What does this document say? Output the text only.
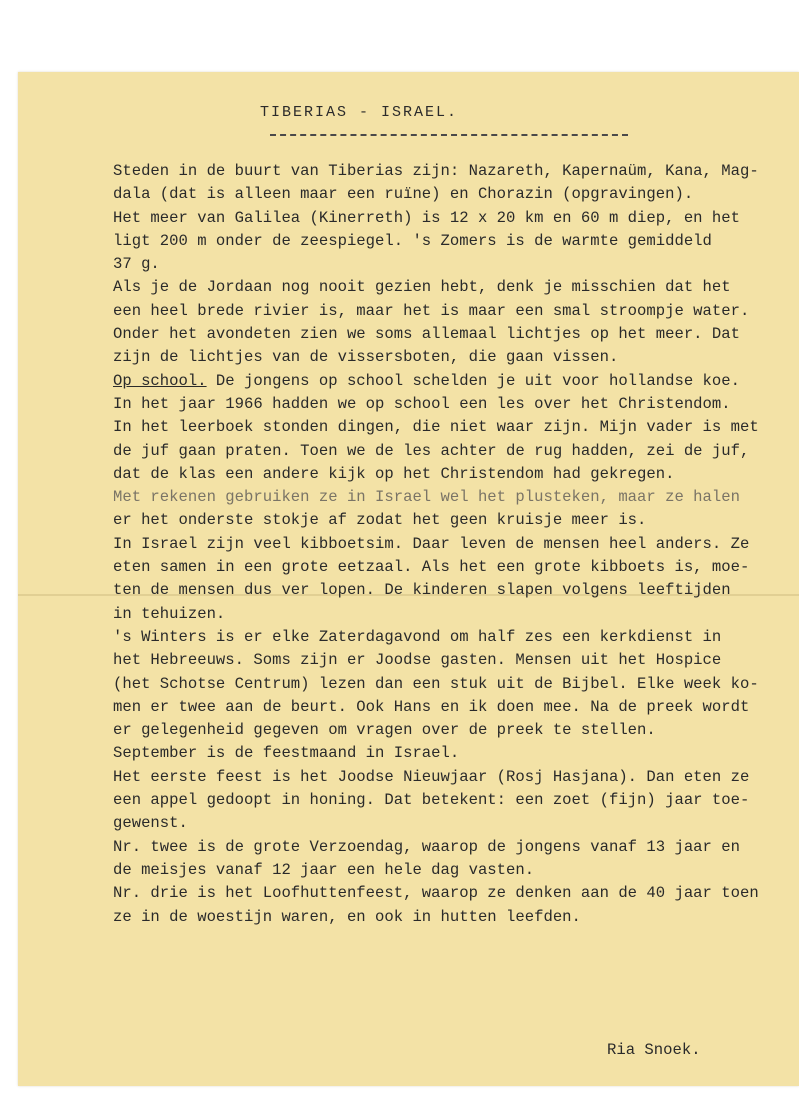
TIBERIAS - ISRAEL.
Steden in de buurt van Tiberias zijn: Nazareth, Kapernaüm, Kana, Mag-
dala (dat is alleen maar een ruïne) en Chorazin (opgravingen).
Het meer van Galilea (Kinerreth) is 12 x 20 km en 60 m diep, en het
ligt 200 m onder de zeespiegel. 's Zomers is de warmte gemiddeld
37 g.
Als je de Jordaan nog nooit gezien hebt, denk je misschien dat het
een heel brede rivier is, maar het is maar een smal stroompje water.
Onder het avondeten zien we soms allemaal lichtjes op het meer. Dat
zijn de lichtjes van de vissersboten, die gaan vissen.
Op school. De jongens op school schelden je uit voor hollandse koe.
In het jaar 1966 hadden we op school een les over het Christendom.
In het leerboek stonden dingen, die niet waar zijn. Mijn vader is met
de juf gaan praten. Toen we de les achter de rug hadden, zei de juf,
dat de klas een andere kijk op het Christendom had gekregen.
Met rekenen gebruiken ze in Israel wel het plusteken, maar ze halen
er het onderste stokje af zodat het geen kruisje meer is.
In Israel zijn veel kibboetsim. Daar leven de mensen heel anders. Ze
eten samen in een grote eetzaal. Als het een grote kibboets is, moe-
ten de mensen dus ver lopen. De kinderen slapen volgens leeftijden
in tehuizen.
's Winters is er elke Zaterdagavond om half zes een kerkdienst in
het Hebreeuws. Soms zijn er Joodse gasten. Mensen uit het Hospice
(het Schotse Centrum) lezen dan een stuk uit de Bijbel. Elke week ko-
men er twee aan de beurt. Ook Hans en ik doen mee. Na de preek wordt
er gelegenheid gegeven om vragen over de preek te stellen.
September is de feestmaand in Israel.
Het eerste feest is het Joodse Nieuwjaar (Rosj Hasjana). Dan eten ze
een appel gedoopt in honing. Dat betekent: een zoet (fijn) jaar toe-
gewenst.
Nr. twee is de grote Verzoendag, waarop de jongens vanaf 13 jaar en
de meisjes vanaf 12 jaar een hele dag vasten.
Nr. drie is het Loofhuttenfeest, waarop ze denken aan de 40 jaar toen
ze in de woestijn waren, en ook in hutten leefden.
Ria Snoek.
